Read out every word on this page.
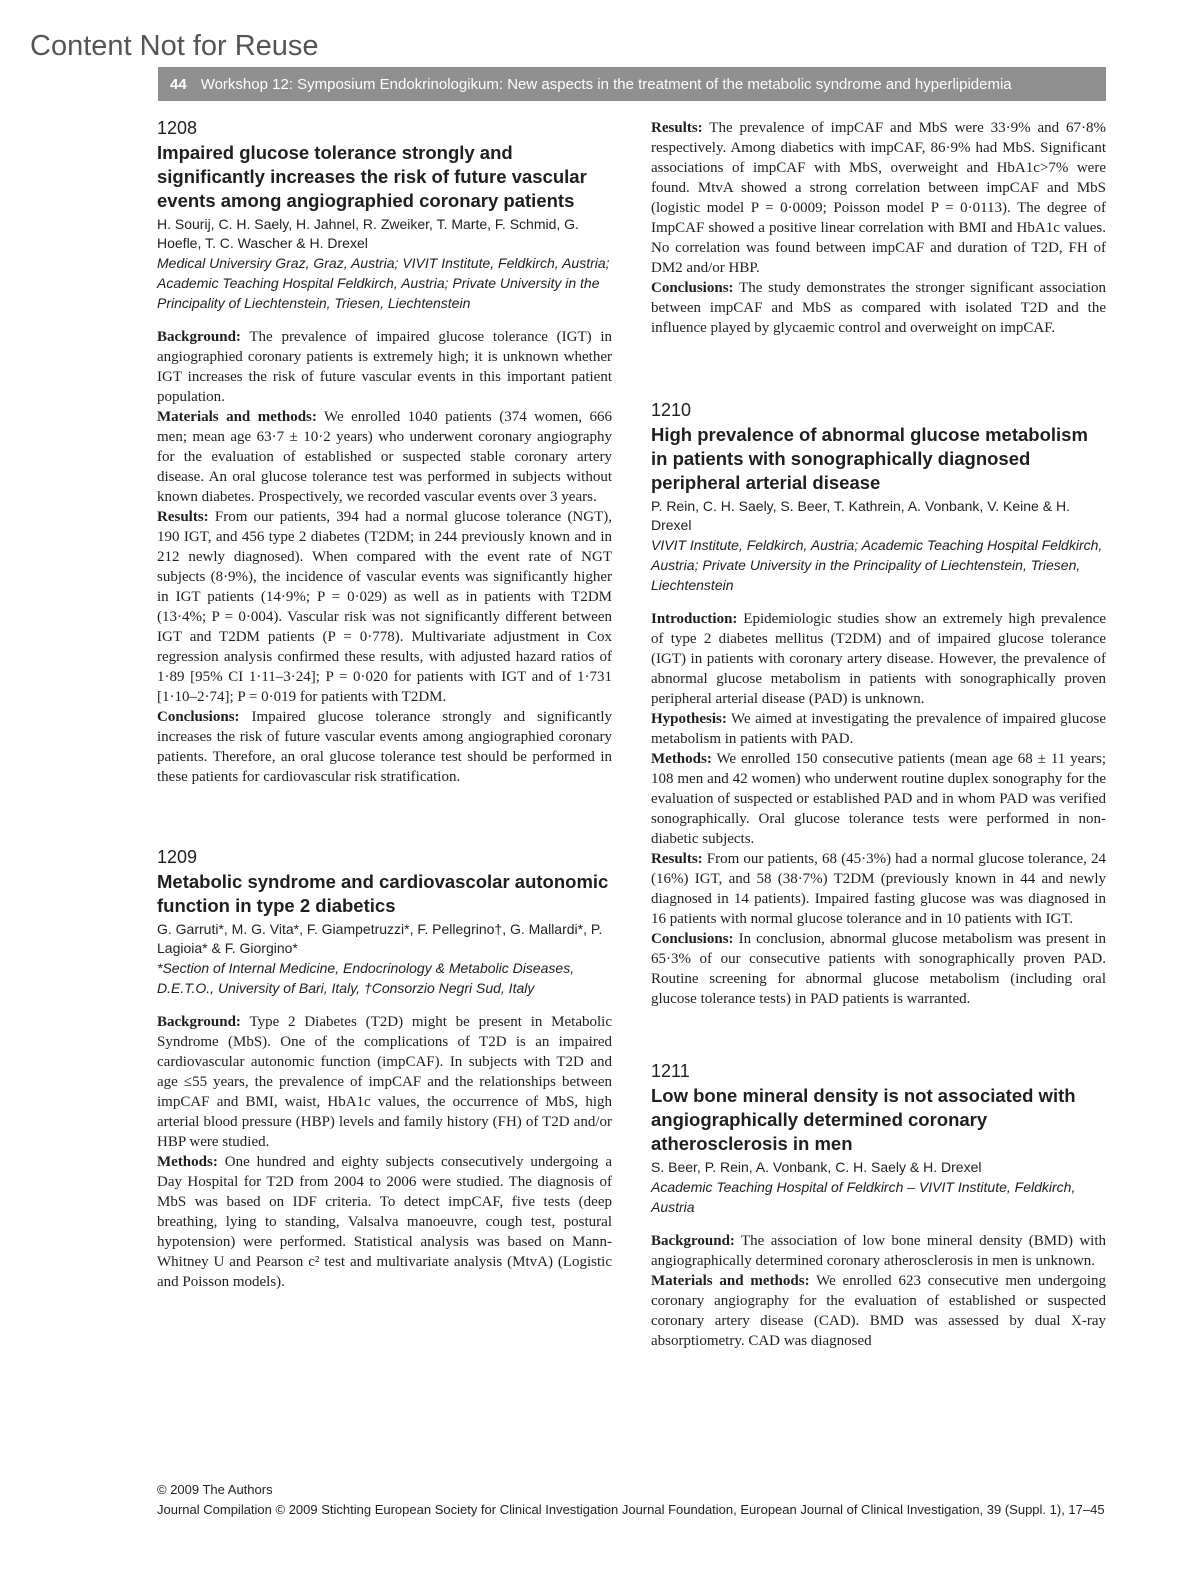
Content Not for Reuse
44 Workshop 12: Symposium Endokrinologikum: New aspects in the treatment of the metabolic syndrome and hyperlipidemia
1208
Impaired glucose tolerance strongly and significantly increases the risk of future vascular events among angiographied coronary patients
H. Sourij, C. H. Saely, H. Jahnel, R. Zweiker, T. Marte, F. Schmid, G. Hoefle, T. C. Wascher & H. Drexel
Medical Universiry Graz, Graz, Austria; VIVIT Institute, Feldkirch, Austria; Academic Teaching Hospital Feldkirch, Austria; Private University in the Principality of Liechtenstein, Triesen, Liechtenstein

Background: The prevalence of impaired glucose tolerance (IGT) in angiographied coronary patients is extremely high; it is unknown whether IGT increases the risk of future vascular events in this important patient population.

Materials and methods: We enrolled 1040 patients (374 women, 666 men; mean age 63·7 ± 10·2 years) who underwent coronary angiography for the evaluation of established or suspected stable coronary artery disease. An oral glucose tolerance test was performed in subjects without known diabetes. Prospectively, we recorded vascular events over 3 years.

Results: From our patients, 394 had a normal glucose tolerance (NGT), 190 IGT, and 456 type 2 diabetes (T2DM; in 244 previously known and in 212 newly diagnosed). When compared with the event rate of NGT subjects (8·9%), the incidence of vascular events was significantly higher in IGT patients (14·9%; P = 0·029) as well as in patients with T2DM (13·4%; P = 0·004). Vascular risk was not significantly different between IGT and T2DM patients (P = 0·778). Multivariate adjustment in Cox regression analysis confirmed these results, with adjusted hazard ratios of 1·89 [95% CI 1·11–3·24]; P = 0·020 for patients with IGT and of 1·731 [1·10–2·74]; P = 0·019 for patients with T2DM.

Conclusions: Impaired glucose tolerance strongly and significantly increases the risk of future vascular events among angiographied coronary patients. Therefore, an oral glucose tolerance test should be performed in these patients for cardiovascular risk stratification.

1209
Metabolic syndrome and cardiovascolar autonomic function in type 2 diabetics
G. Garruti*, M. G. Vita*, F. Giampetruzzi*, F. Pellegrino†, G. Mallardi*, P. Lagioia* & F. Giorgino*
*Section of Internal Medicine, Endocrinology & Metabolic Diseases, D.E.T.O., University of Bari, Italy, †Consorzio Negri Sud, Italy

Background: Type 2 Diabetes (T2D) might be present in Metabolic Syndrome (MbS). One of the complications of T2D is an impaired cardiovascular autonomic function (impCAF). In subjects with T2D and age ≤55 years, the prevalence of impCAF and the relationships between impCAF and BMI, waist, HbA1c values, the occurrence of MbS, high arterial blood pressure (HBP) levels and family history (FH) of T2D and/or HBP were studied.

Methods: One hundred and eighty subjects consecutively undergoing a Day Hospital for T2D from 2004 to 2006 were studied. The diagnosis of MbS was based on IDF criteria. To detect impCAF, five tests (deep breathing, lying to standing, Valsalva manoeuvre, cough test, postural hypotension) were performed. Statistical analysis was based on Mann-Whitney U and Pearson c² test and multivariate analysis (MtvA) (Logistic and Poisson models).

Results: The prevalence of impCAF and MbS were 33·9% and 67·8% respectively. Among diabetics with impCAF, 86·9% had MbS. Significant associations of impCAF with MbS, overweight and HbA1c>7% were found. MtvA showed a strong correlation between impCAF and MbS (logistic model P = 0·0009; Poisson model P = 0·0113). The degree of ImpCAF showed a positive linear correlation with BMI and HbA1c values. No correlation was found between impCAF and duration of T2D, FH of DM2 and/or HBP.

Conclusions: The study demonstrates the stronger significant association between impCAF and MbS as compared with isolated T2D and the influence played by glycaemic control and overweight on impCAF.

1210
High prevalence of abnormal glucose metabolism in patients with sonographically diagnosed peripheral arterial disease
P. Rein, C. H. Saely, S. Beer, T. Kathrein, A. Vonbank, V. Keine & H. Drexel
VIVIT Institute, Feldkirch, Austria; Academic Teaching Hospital Feldkirch, Austria; Private University in the Principality of Liechtenstein, Triesen, Liechtenstein

Introduction: Epidemiologic studies show an extremely high prevalence of type 2 diabetes mellitus (T2DM) and of impaired glucose tolerance (IGT) in patients with coronary artery disease. However, the prevalence of abnormal glucose metabolism in patients with sonographically proven peripheral arterial disease (PAD) is unknown.

Hypothesis: We aimed at investigating the prevalence of impaired glucose metabolism in patients with PAD.

Methods: We enrolled 150 consecutive patients (mean age 68 ± 11 years; 108 men and 42 women) who underwent routine duplex sonography for the evaluation of suspected or established PAD and in whom PAD was verified sonographically. Oral glucose tolerance tests were performed in non-diabetic subjects.

Results: From our patients, 68 (45·3%) had a normal glucose tolerance, 24 (16%) IGT, and 58 (38·7%) T2DM (previously known in 44 and newly diagnosed in 14 patients). Impaired fasting glucose was was diagnosed in 16 patients with normal glucose tolerance and in 10 patients with IGT.

Conclusions: In conclusion, abnormal glucose metabolism was present in 65·3% of our consecutive patients with sonographically proven PAD. Routine screening for abnormal glucose metabolism (including oral glucose tolerance tests) in PAD patients is warranted.

1211
Low bone mineral density is not associated with angiographically determined coronary atherosclerosis in men
S. Beer, P. Rein, A. Vonbank, C. H. Saely & H. Drexel
Academic Teaching Hospital of Feldkirch – VIVIT Institute, Feldkirch, Austria

Background: The association of low bone mineral density (BMD) with angiographically determined coronary atherosclerosis in men is unknown.

Materials and methods: We enrolled 623 consecutive men undergoing coronary angiography for the evaluation of established or suspected coronary artery disease (CAD). BMD was assessed by dual X-ray absorptiometry. CAD was diagnosed

© 2009 The Authors
Journal Compilation © 2009 Stichting European Society for Clinical Investigation Journal Foundation, European Journal of Clinical Investigation, 39 (Suppl. 1), 17–45
